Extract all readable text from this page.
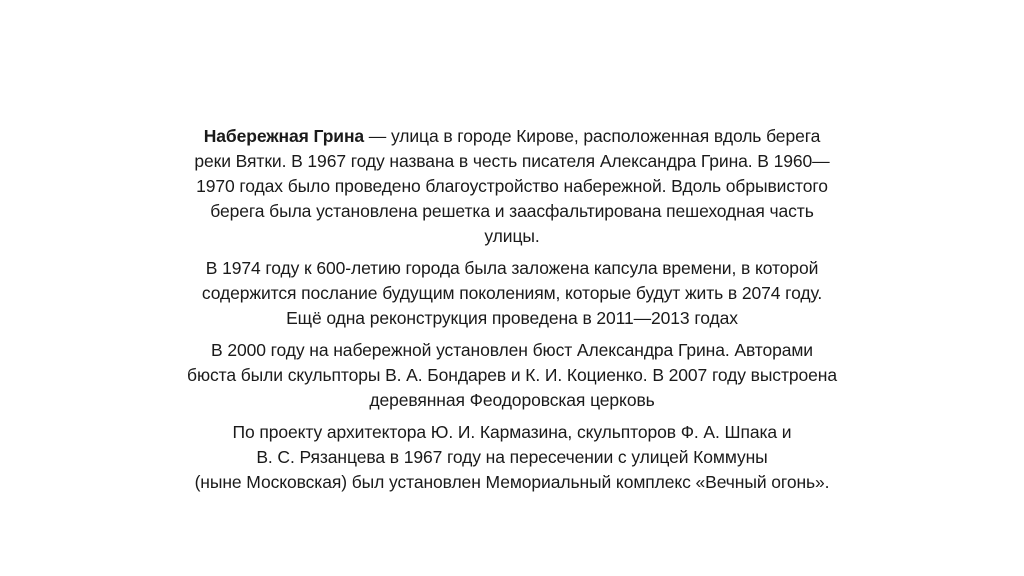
Набережная Грина — улица в городе Кирове, расположенная вдоль берега
реки Вятки. В 1967 году названа в честь писателя Александра Грина. В 1960—
1970 годах было проведено благоустройство набережной. Вдоль обрывистого
берега была установлена решетка и заасфальтирована пешеходная часть
улицы.

В 1974 году к 600-летию города была заложена капсула времени, в которой
содержится послание будущим поколениям, которые будут жить в 2074 году.
Ещё одна реконструкция проведена в 2011—2013 годах

В 2000 году на набережной установлен бюст Александра Грина. Авторами
бюста были скульпторы В. А. Бондарев и К. И. Коциенко. В 2007 году выстроена
деревянная Феодоровская церковь

По проекту архитектора Ю. И. Кармазина, скульпторов Ф. А. Шпака и
В. С. Рязанцева в 1967 году на пересечении с улицей Коммуны
(ныне Московская) был установлен Мемориальный комплекс «Вечный огонь».
